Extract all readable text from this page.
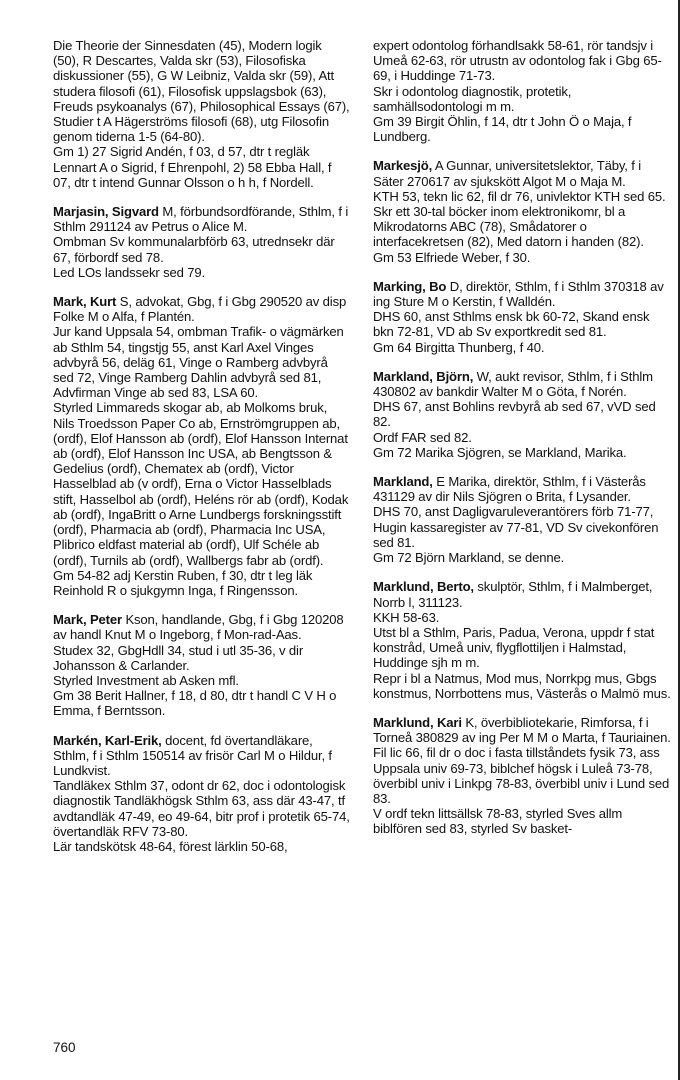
Die Theorie der Sinnesdaten (45), Modern logik (50), R Descartes, Valda skr (53), Filosofiska diskussioner (55), G W Leibniz, Valda skr (59), Att studera filosofi (61), Filosofisk uppslagsbok (63), Freuds psykoanalys (67), Philosophical Essays (67), Studier t A Hägerströms filosofi (68), utg Filosofin genom tiderna 1-5 (64-80).

Gm 1) 27 Sigrid Andén, f 03, d 57, dtr t regläk Lennart A o Sigrid, f Ehrenpohl, 2) 58 Ebba Hall, f 07, dtr t intend Gunnar Olsson o h h, f Nordell.

Marjasin, Sigvard M, förbundsordförande, Sthlm, f i Sthlm 291124 av Petrus o Alice M.

Ombman Sv kommunalarbförb 63, utrednsekr där 67, förbordf sed 78.

Led LOs landssekr sed 79.

Mark, Kurt S, advokat, Gbg, f i Gbg 290520 av disp Folke M o Alfa, f Plantén.

Jur kand Uppsala 54, ombman Trafik- o vägmärken ab Sthlm 54, tingstjg 55, anst Karl Axel Vinges advbyrå 56, deläg 61, Vinge o Ramberg advbyrå sed 72, Vinge Ramberg Dahlin advbyrå sed 81, Advfirman Vinge ab sed 83, LSA 60.

Styrled Limmareds skogar ab, ab Molkoms bruk, Nils Troedsson Paper Co ab, Ernströmgruppen ab, (ordf), Elof Hansson ab (ordf), Elof Hansson Internat ab (ordf), Elof Hansson Inc USA, ab Bengtsson & Gedelius (ordf), Chematex ab (ordf), Victor Hasselblad ab (v ordf), Erna o Victor Hasselblads stift, Hasselbol ab (ordf), Heléns rör ab (ordf), Kodak ab (ordf), IngaBritt o Arne Lundbergs forskningsstift (ordf), Pharmacia ab (ordf), Pharmacia Inc USA, Plibrico eldfast material ab (ordf), Ulf Schéle ab (ordf), Turnils ab (ordf), Wallbergs fabr ab (ordf).

Gm 54-82 adj Kerstin Ruben, f 30, dtr t leg läk Reinhold R o sjukgymn Inga, f Ringensson.

Mark, Peter Kson, handlande, Gbg, f i Gbg 120208 av handl Knut M o Ingeborg, f Mon-rad-Aas.

Studex 32, GbgHdll 34, stud i utl 35-36, v dir Johansson & Carlander.

Styrled Investment ab Asken mfl.

Gm 38 Berit Hallner, f 18, d 80, dtr t handl C V H o Emma, f Berntsson.

Markén, Karl-Erik, docent, fd övertandläkare, Sthlm, f i Sthlm 150514 av frisör Carl M o Hildur, f Lundkvist.

Tandläkex Sthlm 37, odont dr 62, doc i odontologisk diagnostik Tandläkhögsk Sthlm 63, ass där 43-47, tf avdtandläk 47-49, eo 49-64, bitr prof i protetik 65-74, övertandläk RFV 73-80.

Lär tandskötsk 48-64, förest lärklin 50-68,

expert odontolog förhandlsakk 58-61, rör tandsjv i Umeå 62-63, rör utrustn av odontolog fak i Gbg 65-69, i Huddinge 71-73.

Skr i odontolog diagnostik, protetik, samhällsodontologi m m.

Gm 39 Birgit Öhlin, f 14, dtr t John Ö o Maja, f Lundberg.

Markesjö, A Gunnar, universitetslektor, Täby, f i Säter 270617 av sjukskött Algot M o Maja M.

KTH 53, tekn lic 62, fil dr 76, univlektor KTH sed 65.

Skr ett 30-tal böcker inom elektronikomr, bl a Mikrodatorns ABC (78), Smådatorer o interfacekretsen (82), Med datorn i handen (82).

Gm 53 Elfriede Weber, f 30.

Marking, Bo D, direktör, Sthlm, f i Sthlm 370318 av ing Sture M o Kerstin, f Walldén.

DHS 60, anst Sthlms ensk bk 60-72, Skand ensk bkn 72-81, VD ab Sv exportkredit sed 81.

Gm 64 Birgitta Thunberg, f 40.

Markland, Björn, W, aukt revisor, Sthlm, f i Sthlm 430802 av bankdir Walter M o Göta, f Norén.

DHS 67, anst Bohlins revbyrå ab sed 67, vVD sed 82.

Ordf FAR sed 82.

Gm 72 Marika Sjögren, se Markland, Marika.

Markland, E Marika, direktör, Sthlm, f i Västerås 431129 av dir Nils Sjögren o Brita, f Lysander.

DHS 70, anst Dagligvaruleverantörers förb 71-77, Hugin kassaregister av 77-81, VD Sv civekonfören sed 81.

Gm 72 Björn Markland, se denne.

Marklund, Berto, skulptör, Sthlm, f i Malmberget, Norrb l, 311123.

KKH 58-63.

Utst bl a Sthlm, Paris, Padua, Verona, uppdr f stat konstråd, Umeå univ, flygflottiljen i Halmstad, Huddinge sjh m m.

Repr i bl a Natmus, Mod mus, Norrkpg mus, Gbgs konstmus, Norrbottens mus, Västerås o Malmö mus.

Marklund, Kari K, överbibliotekarie, Rimforsa, f i Torneå 380829 av ing Per M M o Marta, f Tauriainen.

Fil lic 66, fil dr o doc i fasta tillståndets fysik 73, ass Uppsala univ 69-73, biblchef högsk i Luleå 73-78, överbibl univ i Linkpg 78-83, överbibl univ i Lund sed 83.

V ordf tekn littsällsk 78-83, styrled Sves allm biblfören sed 83, styrled Sv basket-

760
